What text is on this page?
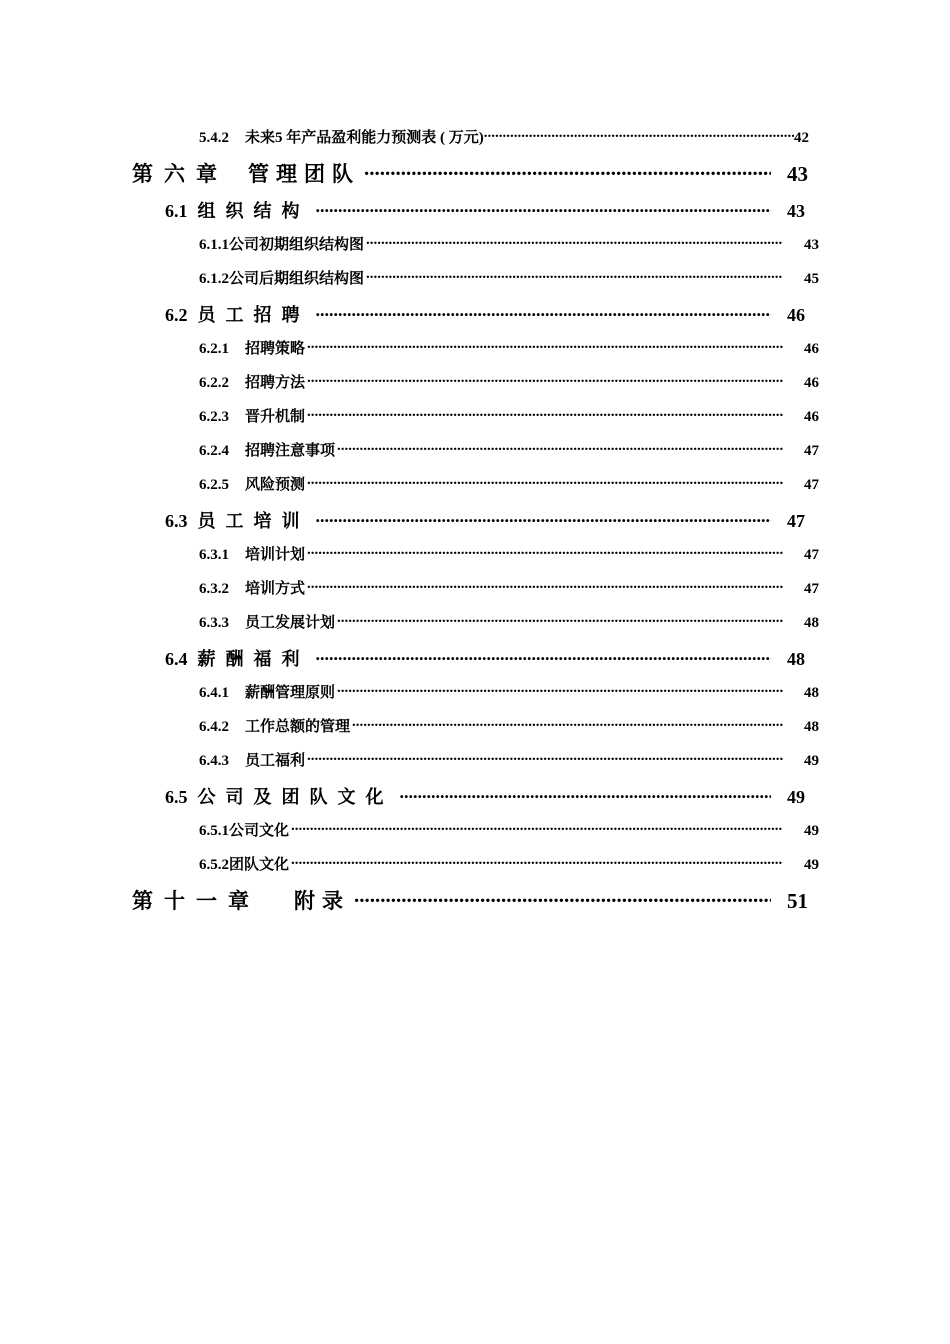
5.4.2 未来5 年产品盈利能力预测表 ( 万元) .....	42
第六章 管理团队 .....	43
6.1 组织结构 .....	43
6.1.1 公司初期组织结构图 .....	43
6.1.2 公司后期组织结构图 .....	45
6.2 员工招聘 .....	46
6.2.1 招聘策略 .....	46
6.2.2 招聘方法 .....	46
6.2.3 晋升机制 .....	46
6.2.4 招聘注意事项 .....	47
6.2.5 风险预测 .....	47
6.3 员工培训 .....	47
6.3.1 培训计划 .....	47
6.3.2 培训方式 .....	47
6.3.3 员工发展计划 .....	48
6.4 薪酬福利 .....	48
6.4.1 薪酬管理原则 .....	48
6.4.2 工作总额的管理 .....	48
6.4.3 员工福利 .....	49
6.5 公司及团队文化 .....	49
6.5.1 公司文化 .....	49
6.5.2 团队文化 .....	49
第十一章 附录 .....	51
